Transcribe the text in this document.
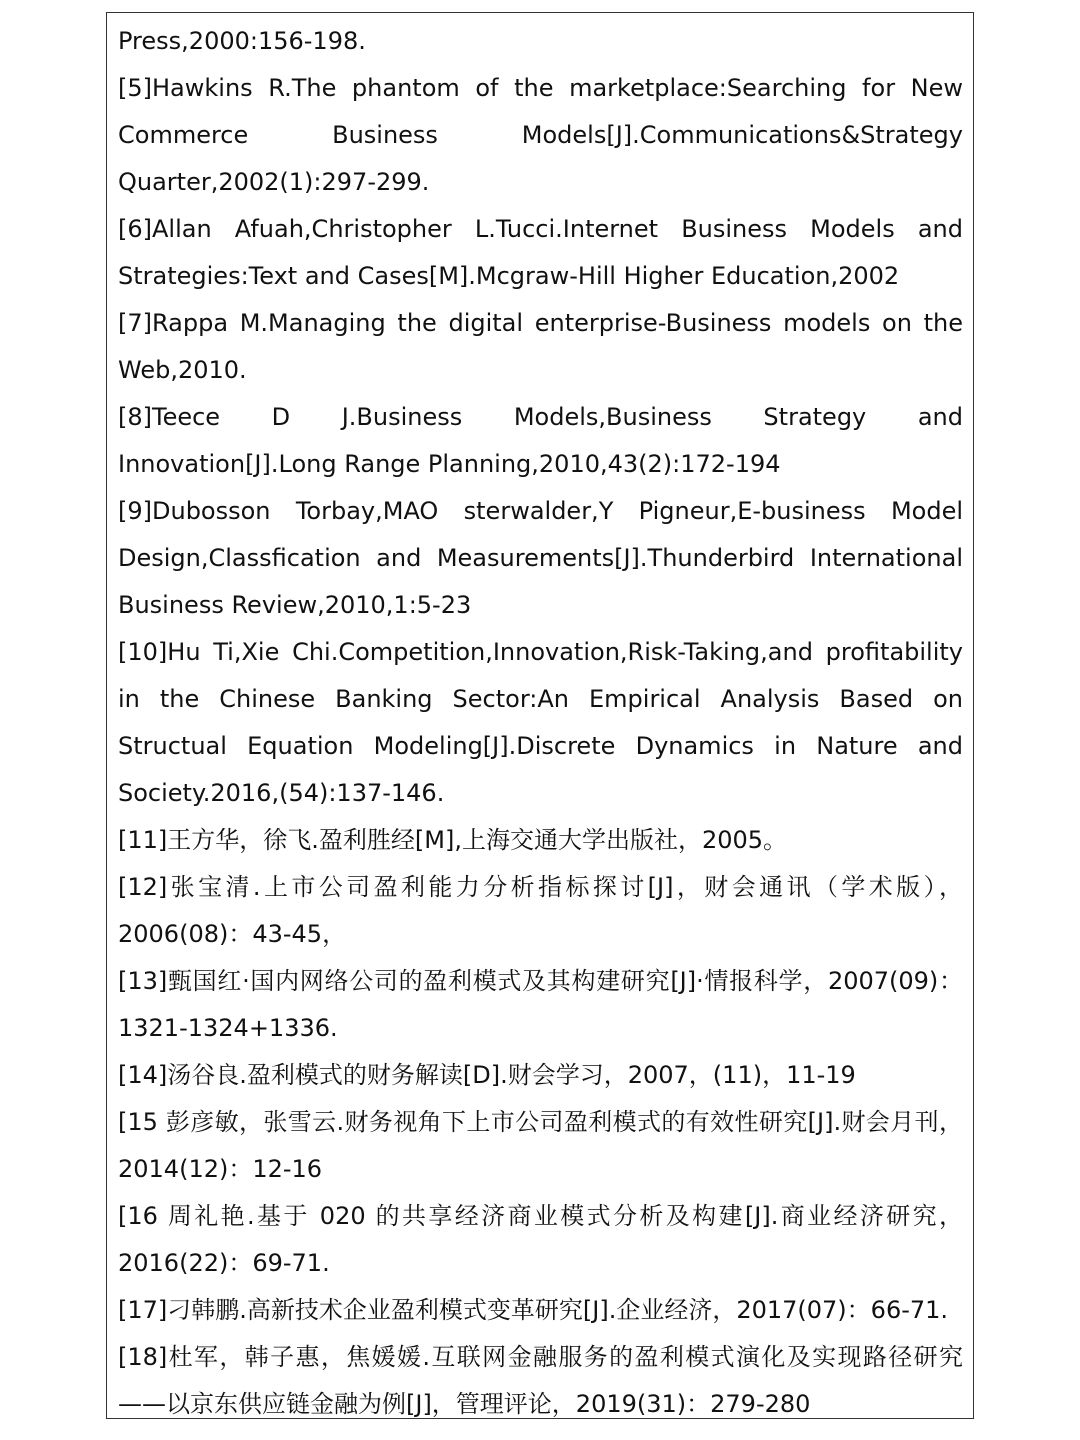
Press,2000:156-198.

[5]Hawkins R.The phantom of the marketplace:Searching for New Commerce Business Models[J].Communications&Strategy Quarter,2002(1):297-299.

[6]Allan Afuah,Christopher L.Tucci.Internet Business Models and Strategies:Text and Cases[M].Mcgraw-Hill Higher Education,2002

[7]Rappa M.Managing the digital enterprise-Business models on the Web,2010.

[8]Teece D J.Business Models,Business Strategy and Innovation[J].Long Range Planning,2010,43(2):172-194

[9]Dubosson Torbay,MAO sterwalder,Y Pigneur,E-business Model Design,Classfication and Measurements[J].Thunderbird International Business Review,2010,1:5-23

[10]Hu Ti,Xie Chi.Competition,Innovation,Risk-Taking,and profitability in the Chinese Banking Sector:An Empirical Analysis Based on Structual Equation Modeling[J].Discrete Dynamics in Nature and Society.2016,(54):137-146.

[11]王方华，徐飞.盈利胜经[M],上海交通大学出版社，2005。

[12]张宝清.上市公司盈利能力分析指标探讨[J]，财会通讯（学术版），2006(08)：43-45，

[13]甄国红·国内网络公司的盈利模式及其构建研究[J]·情报科学，2007(09)：1321-1324+1336.

[14]汤谷良.盈利模式的财务解读[D].财会学习，2007，(11)，11-19

[15 彭彦敏，张雪云.财务视角下上市公司盈利模式的有效性研究[J].财会月刊，2014(12)：12-16

[16 周礼艳.基于 020 的共享经济商业模式分析及构建[J].商业经济研究，2016(22)：69-71.

[17]刁韩鹏.高新技术企业盈利模式变革研究[J].企业经济，2017(07)：66-71.

[18]杜军，韩子惠，焦媛媛.互联网金融服务的盈利模式演化及实现路径研究——以京东供应链金融为例[J]，管理评论，2019(31)：279-280
